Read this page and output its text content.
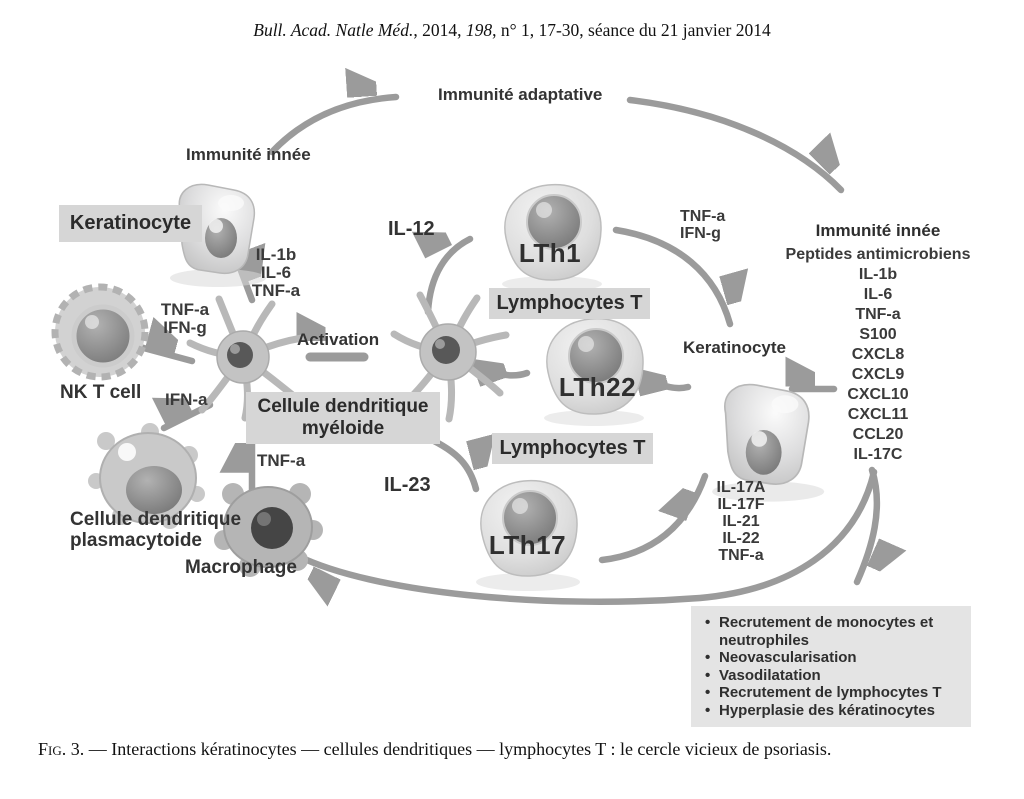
Bull. Acad. Natle Méd., 2014, 198, n° 1, 17-30, séance du 21 janvier 2014
Immunité adaptative
Immunité innée
Keratinocyte
IL-1b
IL-6
TNF-a
TNF-a
IFN-g
NK T cell
Activation
Cellule dendritique
myéloide
IFN-a
TNF-a
Cellule dendritique
plasmacytoide
Macrophage
IL-12
IL-23
Lymphocytes T
Lymphocytes T
LTh1
LTh22
LTh17
TNF-a
IFN-g
Keratinocyte
Immunité innée
Peptides antimicrobiens
IL-1b
IL-6
TNF-a
S100
CXCL8
CXCL9
CXCL10
CXCL11
CCL20
IL-17C
IL-17A
IL-17F
IL-21
IL-22
TNF-a
• Recrutement de monocytes et neutrophiles
• Neovascularisation
• Vasodilatation
• Recrutement de lymphocytes T
• Hyperplasie des kératinocytes
Fig. 3. — Interactions kératinocytes — cellules dendritiques — lymphocytes T : le cercle vicieux de psoriasis.
